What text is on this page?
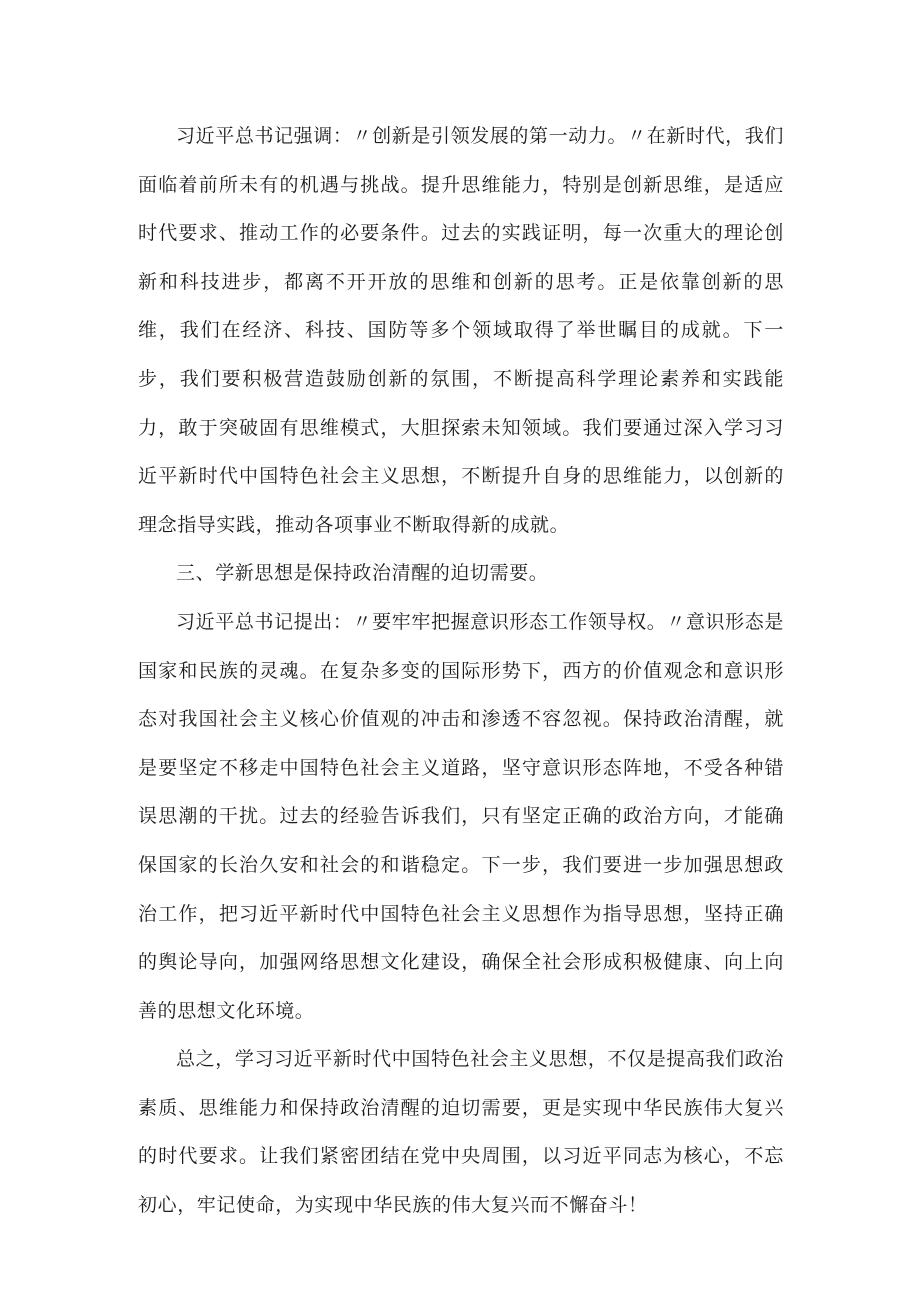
习近平总书记强调：〃创新是引领发展的第一动力。〃在新时代，我们面临着前所未有的机遇与挑战。提升思维能力，特别是创新思维，是适应时代要求、推动工作的必要条件。过去的实践证明，每一次重大的理论创新和科技进步，都离不开开放的思维和创新的思考。正是依靠创新的思维，我们在经济、科技、国防等多个领域取得了举世瞩目的成就。下一步，我们要积极营造鼓励创新的氛围，不断提高科学理论素养和实践能力，敢于突破固有思维模式，大胆探索未知领域。我们要通过深入学习习近平新时代中国特色社会主义思想，不断提升自身的思维能力，以创新的理念指导实践，推动各项事业不断取得新的成就。

三、学新思想是保持政治清醒的迫切需要。

习近平总书记提出：〃要牢牢把握意识形态工作领导权。〃意识形态是国家和民族的灵魂。在复杂多变的国际形势下，西方的价值观念和意识形态对我国社会主义核心价值观的冲击和渗透不容忽视。保持政治清醒，就是要坚定不移走中国特色社会主义道路，坚守意识形态阵地，不受各种错误思潮的干扰。过去的经验告诉我们，只有坚定正确的政治方向，才能确保国家的长治久安和社会的和谐稳定。下一步，我们要进一步加强思想政治工作，把习近平新时代中国特色社会主义思想作为指导思想，坚持正确的舆论导向，加强网络思想文化建设，确保全社会形成积极健康、向上向善的思想文化环境。

总之，学习习近平新时代中国特色社会主义思想，不仅是提高我们政治素质、思维能力和保持政治清醒的迫切需要，更是实现中华民族伟大复兴的时代要求。让我们紧密团结在党中央周围，以习近平同志为核心，不忘初心，牢记使命，为实现中华民族的伟大复兴而不懈奋斗！
